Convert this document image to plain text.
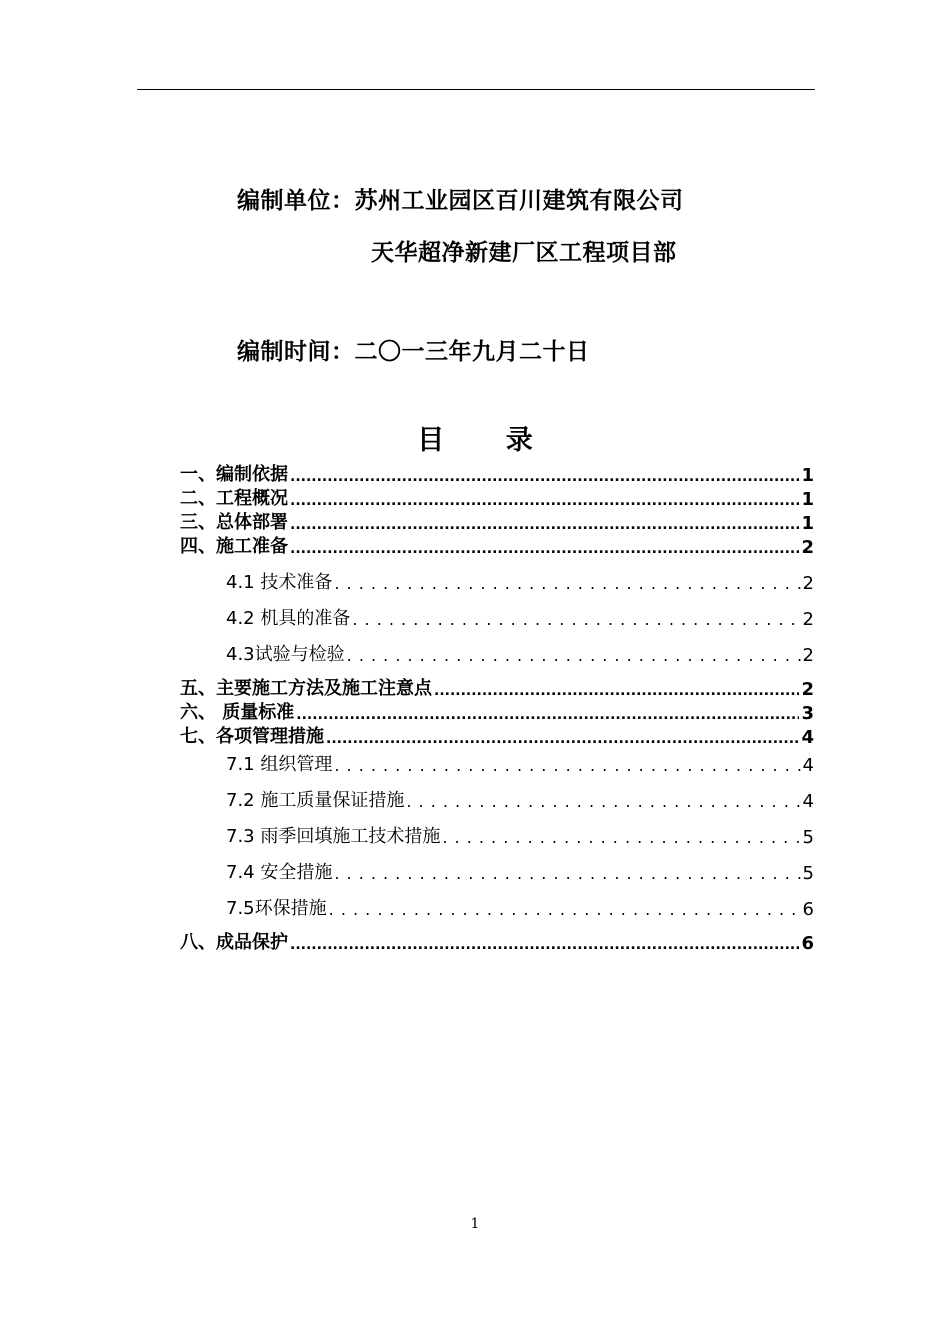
编制单位：苏州工业园区百川建筑有限公司
天华超净新建厂区工程项目部
编制时间：二〇一三年九月二十日
目 录
一、编制依据 .....	1
二、工程概况 .....	1
三、总体部署 .....	1
四、施工准备 .....	2
4.1 技术准备 . . .	2
4.2 机具的准备 . . .	2
4.3试验与检验 . . .	2
五、主要施工方法及施工注意点 .....	2
六、 质量标准 .....	3
七、各项管理措施 .....	4
7.1 组织管理 . . .	4
7.2 施工质量保证措施 . . .	4
7.3 雨季回填施工技术措施 . . .	5
7.4 安全措施 . . .	5
7.5环保措施 . . .	6
八、成品保护 .....	6
1
